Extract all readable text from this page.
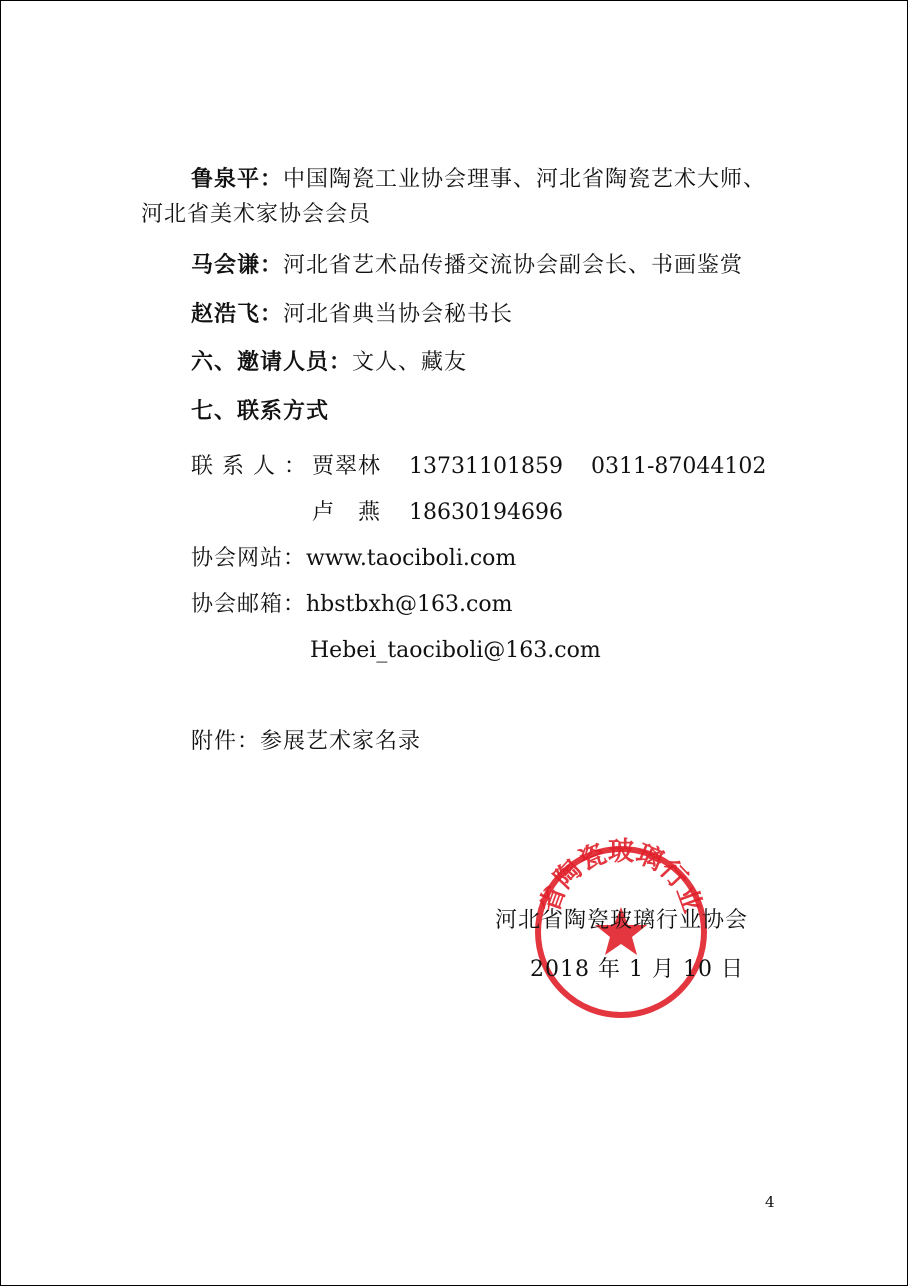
鲁泉平：中国陶瓷工业协会理事、河北省陶瓷艺术大师、
河北省美术家协会会员
马会谦：河北省艺术品传播交流协会副会长、书画鉴赏
赵浩飞：河北省典当协会秘书长
六、邀请人员：文人、藏友
七、联系方式
联系人：
贾翠林 13731101859 0311-87044102
卢燕 18630194696
协会网站：www.taociboli.com
协会邮箱：hbstbxh@163.com
Hebei_taociboli@163.com
附件：参展艺术家名录
省陶瓷玻璃行业
河北省陶瓷玻璃行业协会
2018 年 1 月 10 日
4
